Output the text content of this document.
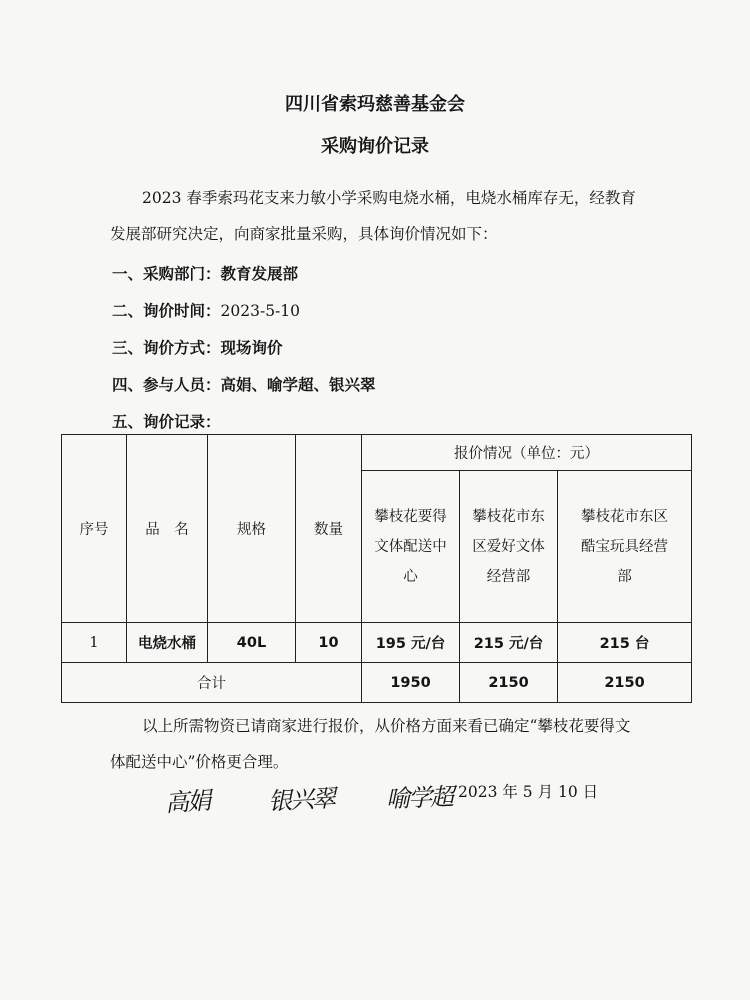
四川省索玛慈善基金会
采购询价记录
2023 春季索玛花支来力敏小学采购电烧水桶，电烧水桶库存无，经教育发展部研究决定，向商家批量采购，具体询价情况如下：
一、采购部门：教育发展部
二、询价时间：2023-5-10
三、询价方式：现场询价
四、参与人员：高娟、喻学超、银兴翠
五、询价记录：
序号	品　名	规格	数量	报价情况（单位：元）		
				攀枝花要得文体配送中心	攀枝花市东区爱好文体经营部	攀枝花市东区酷宝玩具经营部
1	电烧水桶	40L	10	195 元/台	215 元/台	215 台
合计				1950	2150	2150
以上所需物资已请商家进行报价，从价格方面来看已确定“攀枝花要得文体配送中心”价格更合理。
高娟 银兴翠 喻学超 2023 年 5 月 10 日
